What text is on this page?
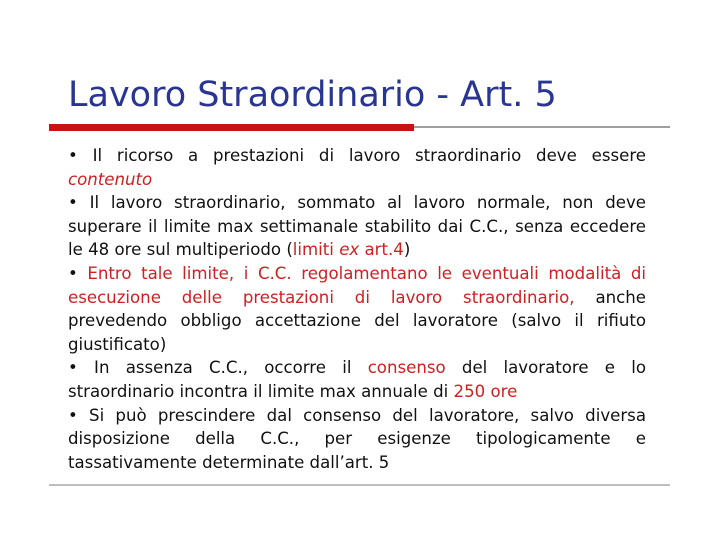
Lavoro Straordinario - Art. 5

• Il ricorso a prestazioni di lavoro straordinario deve essere contenuto

• Il lavoro straordinario, sommato al lavoro normale, non deve superare il limite max settimanale stabilito dai C.C., senza eccedere le 48 ore sul multiperiodo (limiti ex art.4)

• Entro tale limite, i C.C. regolamentano le eventuali modalità di esecuzione delle prestazioni di lavoro straordinario, anche prevedendo obbligo accettazione del lavoratore (salvo il rifiuto giustificato)

• In assenza C.C., occorre il consenso del lavoratore e lo straordinario incontra il limite max annuale di 250 ore

• Si può prescindere dal consenso del lavoratore, salvo diversa disposizione della C.C., per esigenze tipologicamente e tassativamente determinate dall’art. 5
